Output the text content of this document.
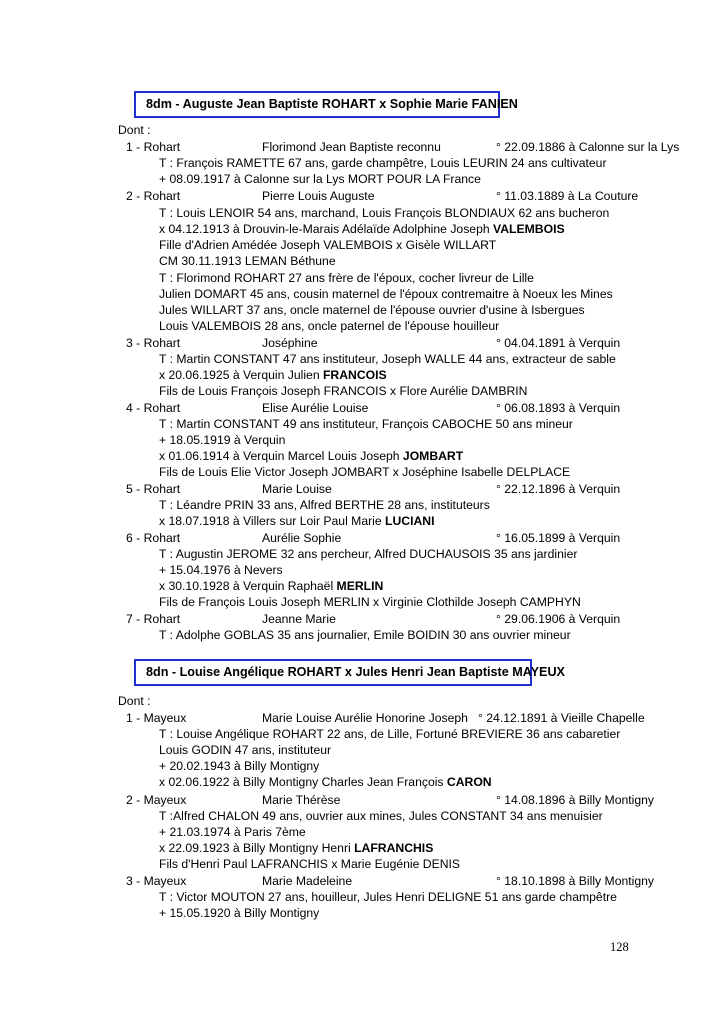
8dm - Auguste Jean Baptiste ROHART x Sophie Marie FANIEN
Dont :
1 - Rohart	Florimond Jean Baptiste reconnu	° 22.09.1886 à Calonne sur la Lys
T : François RAMETTE 67 ans, garde champêtre, Louis LEURIN 24 ans cultivateur
+ 08.09.1917 à Calonne sur la Lys MORT POUR LA France
2 - Rohart	Pierre Louis Auguste	° 11.03.1889 à La Couture
T : Louis LENOIR 54 ans, marchand, Louis François BLONDIAUX 62 ans bucheron
x 04.12.1913 à Drouvin-le-Marais Adélaïde Adolphine Joseph VALEMBOIS
Fille d'Adrien Amédée Joseph VALEMBOIS x Gisèle WILLART
CM 30.11.1913 LEMAN Béthune
T : Florimond ROHART 27 ans frère de l'époux, cocher livreur de Lille
Julien DOMART 45 ans, cousin maternel de l'époux contremaitre à Noeux les Mines
Jules WILLART 37 ans, oncle maternel de l'épouse ouvrier d'usine à Isbergues
Louis VALEMBOIS 28 ans, oncle paternel de l'épouse houilleur
3 - Rohart	Joséphine	° 04.04.1891 à Verquin
T : Martin CONSTANT 47 ans instituteur, Joseph WALLE 44 ans, extracteur de sable
x 20.06.1925 à Verquin Julien FRANCOIS
Fils de Louis François Joseph FRANCOIS x Flore Aurélie DAMBRIN
4 - Rohart	Elise Aurélie Louise	° 06.08.1893 à Verquin
T : Martin CONSTANT 49 ans instituteur, François CABOCHE 50 ans mineur
+ 18.05.1919 à Verquin
x 01.06.1914 à Verquin Marcel Louis Joseph JOMBART
Fils de Louis Elie Victor Joseph JOMBART x Joséphine Isabelle DELPLACE
5 - Rohart	Marie Louise	° 22.12.1896 à Verquin
T : Léandre PRIN 33 ans, Alfred BERTHE 28 ans, instituteurs
x 18.07.1918 à Villers sur Loir Paul Marie LUCIANI
6 - Rohart	Aurélie Sophie	° 16.05.1899 à Verquin
T : Augustin JEROME 32 ans percheur, Alfred DUCHAUSOIS 35 ans jardinier
+ 15.04.1976 à Nevers
x 30.10.1928 à Verquin Raphaël MERLIN
Fils de François Louis Joseph MERLIN x Virginie Clothilde Joseph CAMPHYN
7 - Rohart	Jeanne Marie	° 29.06.1906 à Verquin
T : Adolphe GOBLAS 35 ans journalier, Emile BOIDIN 30 ans ouvrier mineur
8dn - Louise Angélique ROHART x Jules Henri Jean Baptiste MAYEUX
Dont :
1 - Mayeux	Marie Louise Aurélie Honorine Joseph ° 24.12.1891 à Vieille Chapelle
T : Louise Angélique ROHART 22 ans, de Lille, Fortuné BREVIERE 36 ans cabaretier
Louis GODIN 47 ans, instituteur
+ 20.02.1943 à Billy Montigny
x 02.06.1922 à Billy Montigny Charles Jean François CARON
2 - Mayeux	Marie Thérèse	° 14.08.1896 à Billy Montigny
T :Alfred CHALON 49 ans, ouvrier aux mines, Jules CONSTANT 34 ans menuisier
+ 21.03.1974 à Paris 7ème
x 22.09.1923 à Billy Montigny Henri LAFRANCHIS
Fils d'Henri Paul LAFRANCHIS x Marie Eugénie DENIS
3 - Mayeux	Marie Madeleine	° 18.10.1898 à Billy Montigny
T : Victor MOUTON 27 ans, houilleur, Jules Henri DELIGNE 51 ans garde champêtre
+ 15.05.1920 à Billy Montigny
128
